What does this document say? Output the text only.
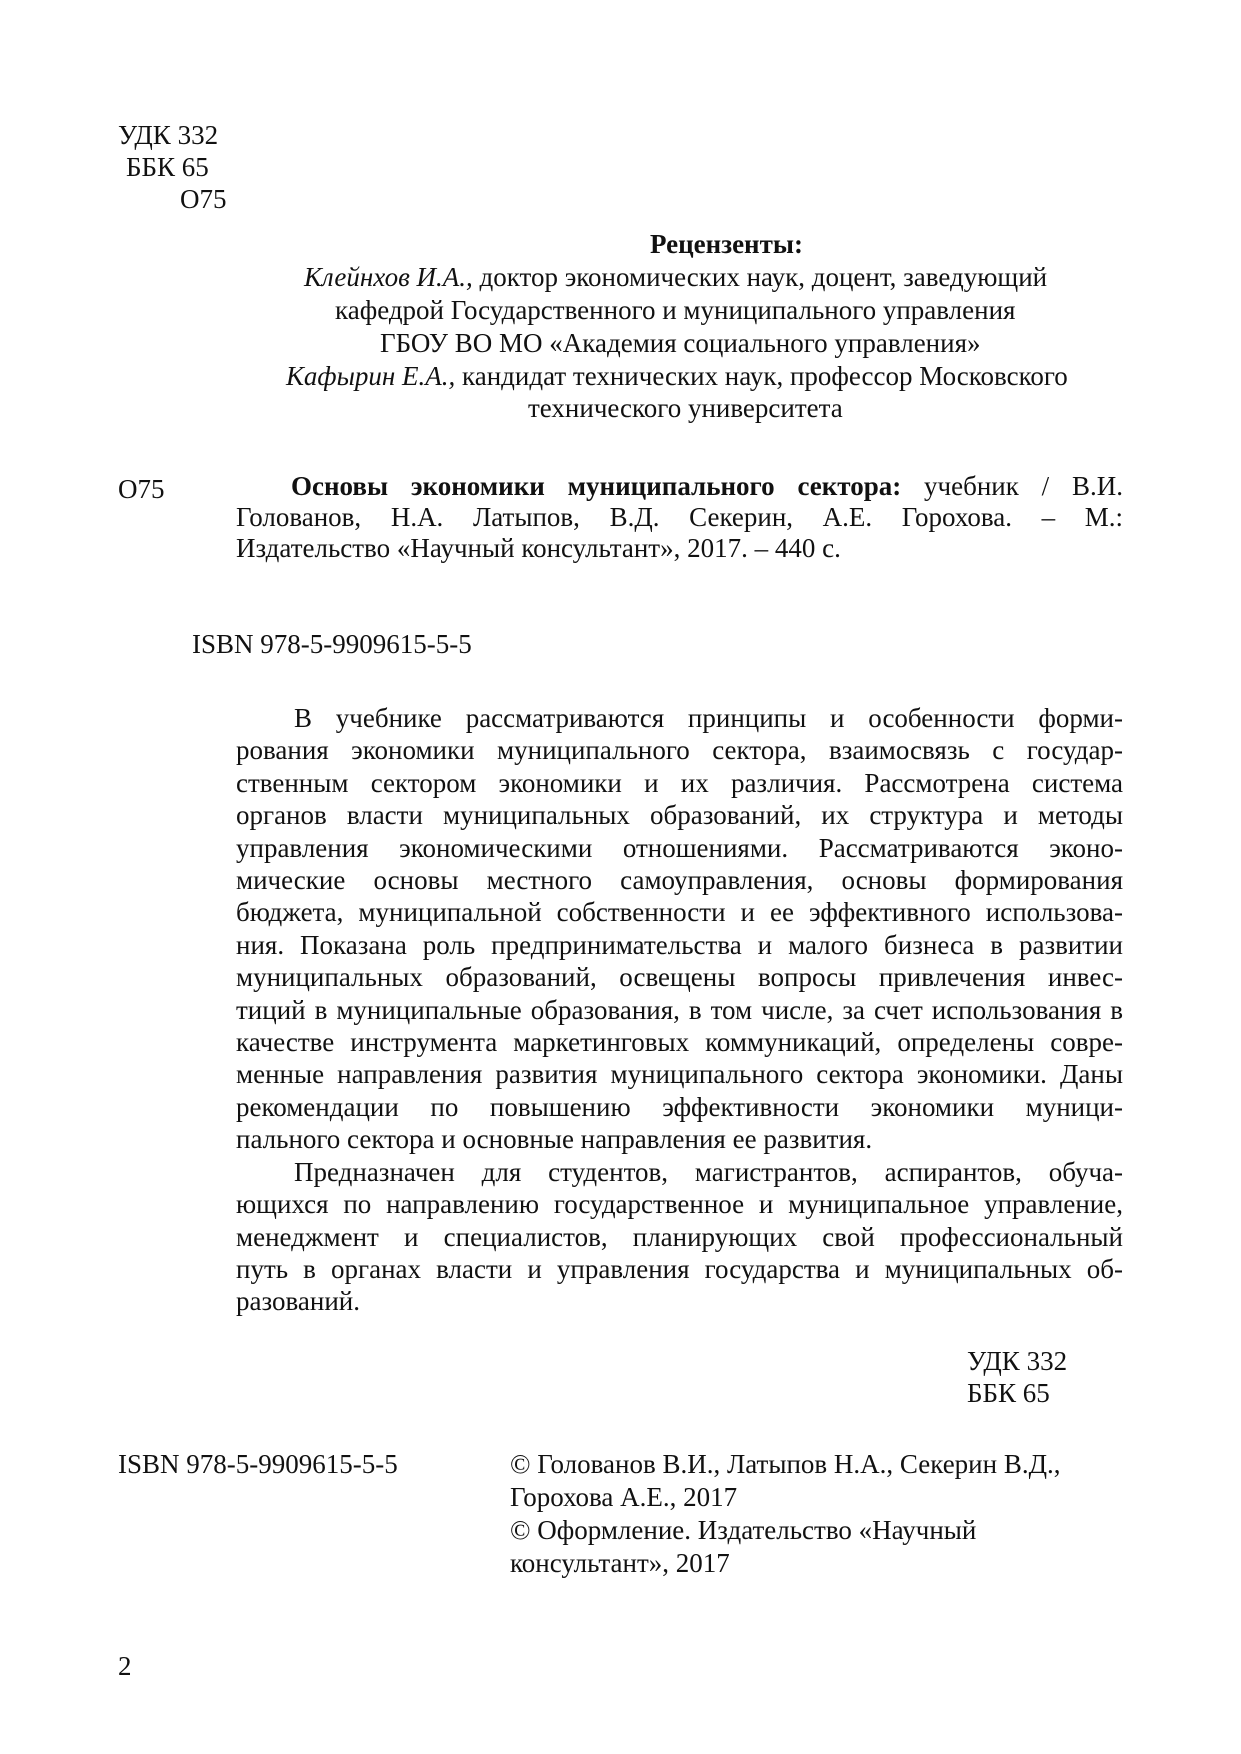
УДК 332
ББК 65
О75
Рецензенты:
Клейнхов И.А., доктор экономических наук, доцент, заведующий
кафедрой Государственного и муниципального управления
ГБОУ ВО МО «Академия социального управления»
Кафырин Е.А., кандидат технических наук, профессор Московского
технического университета
О75	Основы экономики муниципального сектора: учебник / В.И.
Голованов, Н.А. Латыпов, В.Д. Секерин, А.Е. Горохова. – М.:
Издательство «Научный консультант», 2017. – 440 с.
ISBN 978-5-9909615-5-5

В учебнике рассматриваются принципы и особенности форми-
рования экономики муниципального сектора, взаимосвязь с государ-
ственным сектором экономики и их различия. Рассмотрена система
органов власти муниципальных образований, их структура и методы
управления экономическими отношениями. Рассматриваются эконо-
мические основы местного самоуправления, основы формирования
бюджета, муниципальной собственности и ее эффективного использова-
ния. Показана роль предпринимательства и малого бизнеса в развитии
муниципальных образований, освещены вопросы привлечения инвес-
тиций в муниципальные образования, в том числе, за счет использования в
качестве инструмента маркетинговых коммуникаций, определены совре-
менные направления развития муниципального сектора экономики. Даны
рекомендации по повышению эффективности экономики муници-
пального сектора и основные направления ее развития.

Предназначен для студентов, магистрантов, аспирантов, обуча-
ющихся по направлению государственное и муниципальное управление,
менеджмент и специалистов, планирующих свой профессиональный
путь в органах власти и управления государства и муниципальных об-
разований.

УДК 332
ББК 65
ISBN 978-5-9909615-5-5	© Голованов В.И., Латыпов Н.А., Секерин В.Д.,
Горохова А.Е., 2017
© Оформление. Издательство «Научный
консультант», 2017
2
